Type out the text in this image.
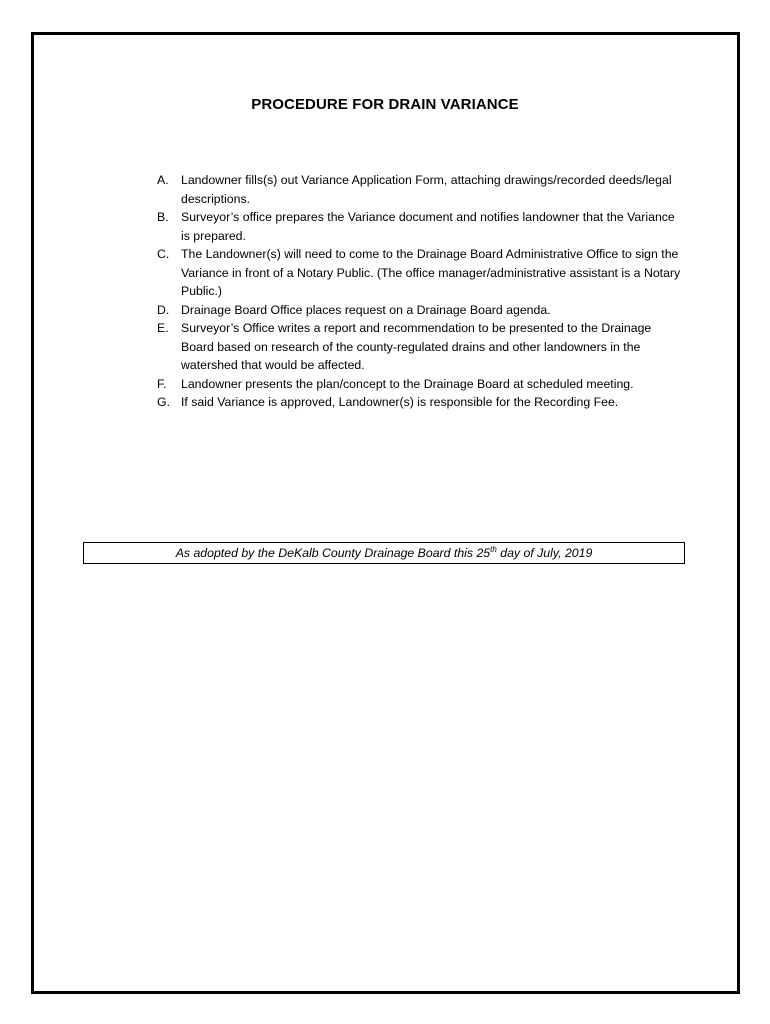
PROCEDURE FOR DRAIN VARIANCE
A.	Landowner fills(s) out Variance Application Form, attaching drawings/recorded deeds/legal descriptions.
B.	Surveyor’s office prepares the Variance document and notifies landowner that the Variance is prepared.
C. The Landowner(s) will need to come to the Drainage Board Administrative Office to sign the Variance in front of a Notary Public. (The office manager/administrative assistant is a Notary Public.)
D. Drainage Board Office places request on a Drainage Board agenda.
E.	Surveyor’s Office writes a report and recommendation to be presented to the Drainage Board based on research of the county-regulated drains and other landowners in the watershed that would be affected.
F.	Landowner presents the plan/concept to the Drainage Board at scheduled meeting.
G. If said Variance is approved, Landowner(s) is responsible for the Recording Fee.
As adopted by the DeKalb County Drainage Board this 25th day of July, 2019
